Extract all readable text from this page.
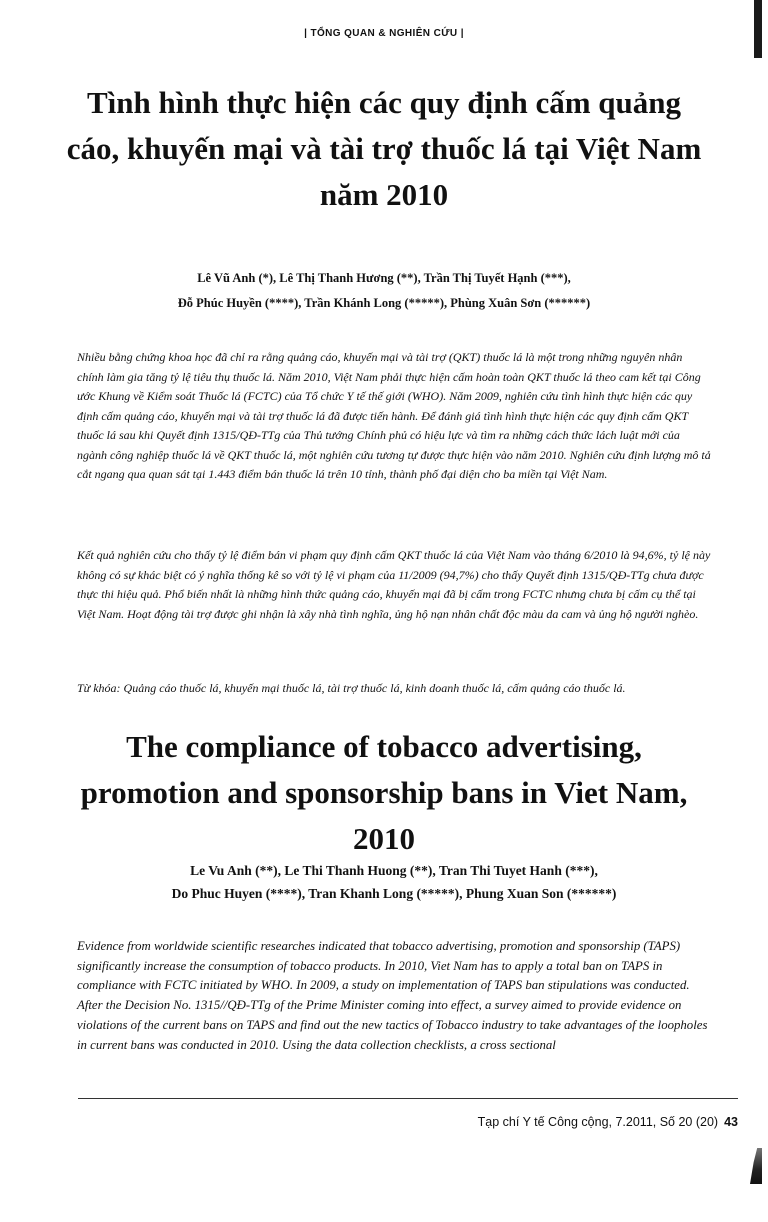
| TỔNG QUAN & NGHIÊN CỨU |
Tình hình thực hiện các quy định cấm quảng cáo, khuyến mại và tài trợ thuốc lá tại Việt Nam năm 2010
Lê Vũ Anh (*), Lê Thị Thanh Hương (**), Trần Thị Tuyết Hạnh (***),
Đỗ Phúc Huyền (****), Trần Khánh Long (*****), Phùng Xuân Sơn (******)

Nhiều bằng chứng khoa học đã chỉ ra rằng quảng cáo, khuyến mại và tài trợ (QKT) thuốc lá là một trong những nguyên nhân chính làm gia tăng tỷ lệ tiêu thụ thuốc lá. Năm 2010, Việt Nam phải thực hiện cấm hoàn toàn QKT thuốc lá theo cam kết tại Công ước Khung về Kiểm soát Thuốc lá (FCTC) của Tổ chức Y tế thế giới (WHO). Năm 2009, nghiên cứu tình hình thực hiện các quy định cấm quảng cáo, khuyến mại và tài trợ thuốc lá đã được tiến hành. Để đánh giá tình hình thực hiện các quy định cấm QKT thuốc lá sau khi Quyết định 1315/QĐ-TTg của Thủ tướng Chính phủ có hiệu lực và tìm ra những cách thức lách luật mới của ngành công nghiệp thuốc lá về QKT thuốc lá, một nghiên cứu tương tự được thực hiện vào năm 2010. Nghiên cứu định lượng mô tả cắt ngang qua quan sát tại 1.443 điểm bán thuốc lá trên 10 tỉnh, thành phố đại diện cho ba miền tại Việt Nam.

Kết quả nghiên cứu cho thấy tỷ lệ điểm bán vi phạm quy định cấm QKT thuốc lá của Việt Nam vào tháng 6/2010 là 94,6%, tỷ lệ này không có sự khác biệt có ý nghĩa thống kê so với tỷ lệ vi phạm của 11/2009 (94,7%) cho thấy Quyết định 1315/QĐ-TTg chưa được thực thi hiệu quả. Phổ biến nhất là những hình thức quảng cáo, khuyến mại đã bị cấm trong FCTC nhưng chưa bị cấm cụ thể tại Việt Nam. Hoạt động tài trợ được ghi nhận là xây nhà tình nghĩa, ủng hộ nạn nhân chất độc màu da cam và ủng hộ người nghèo.

Từ khóa: Quảng cáo thuốc lá, khuyến mại thuốc lá, tài trợ thuốc lá, kinh doanh thuốc lá, cấm quảng cáo thuốc lá.

The compliance of tobacco advertising, promotion and sponsorship bans in Viet Nam, 2010
Le Vu Anh (**), Le Thi Thanh Huong (**), Tran Thi Tuyet Hanh (***),
Do Phuc Huyen (****), Tran Khanh Long (*****), Phung Xuan Son (******)

Evidence from worldwide scientific researches indicated that tobacco advertising, promotion and sponsorship (TAPS) significantly increase the consumption of tobacco products. In 2010, Viet Nam has to apply a total ban on TAPS in compliance with FCTC initiated by WHO. In 2009, a study on implementation of TAPS ban stipulations was conducted. After the Decision No. 1315//QĐ-TTg of the Prime Minister coming into effect, a survey aimed to provide evidence on violations of the current bans on TAPS and find out the new tactics of Tobacco industry to take advantages of the loopholes in current bans was conducted in 2010. Using the data collection checklists, a cross sectional

Tạp chí Y tế Công cộng, 7.2011, Số 20 (20) 43
